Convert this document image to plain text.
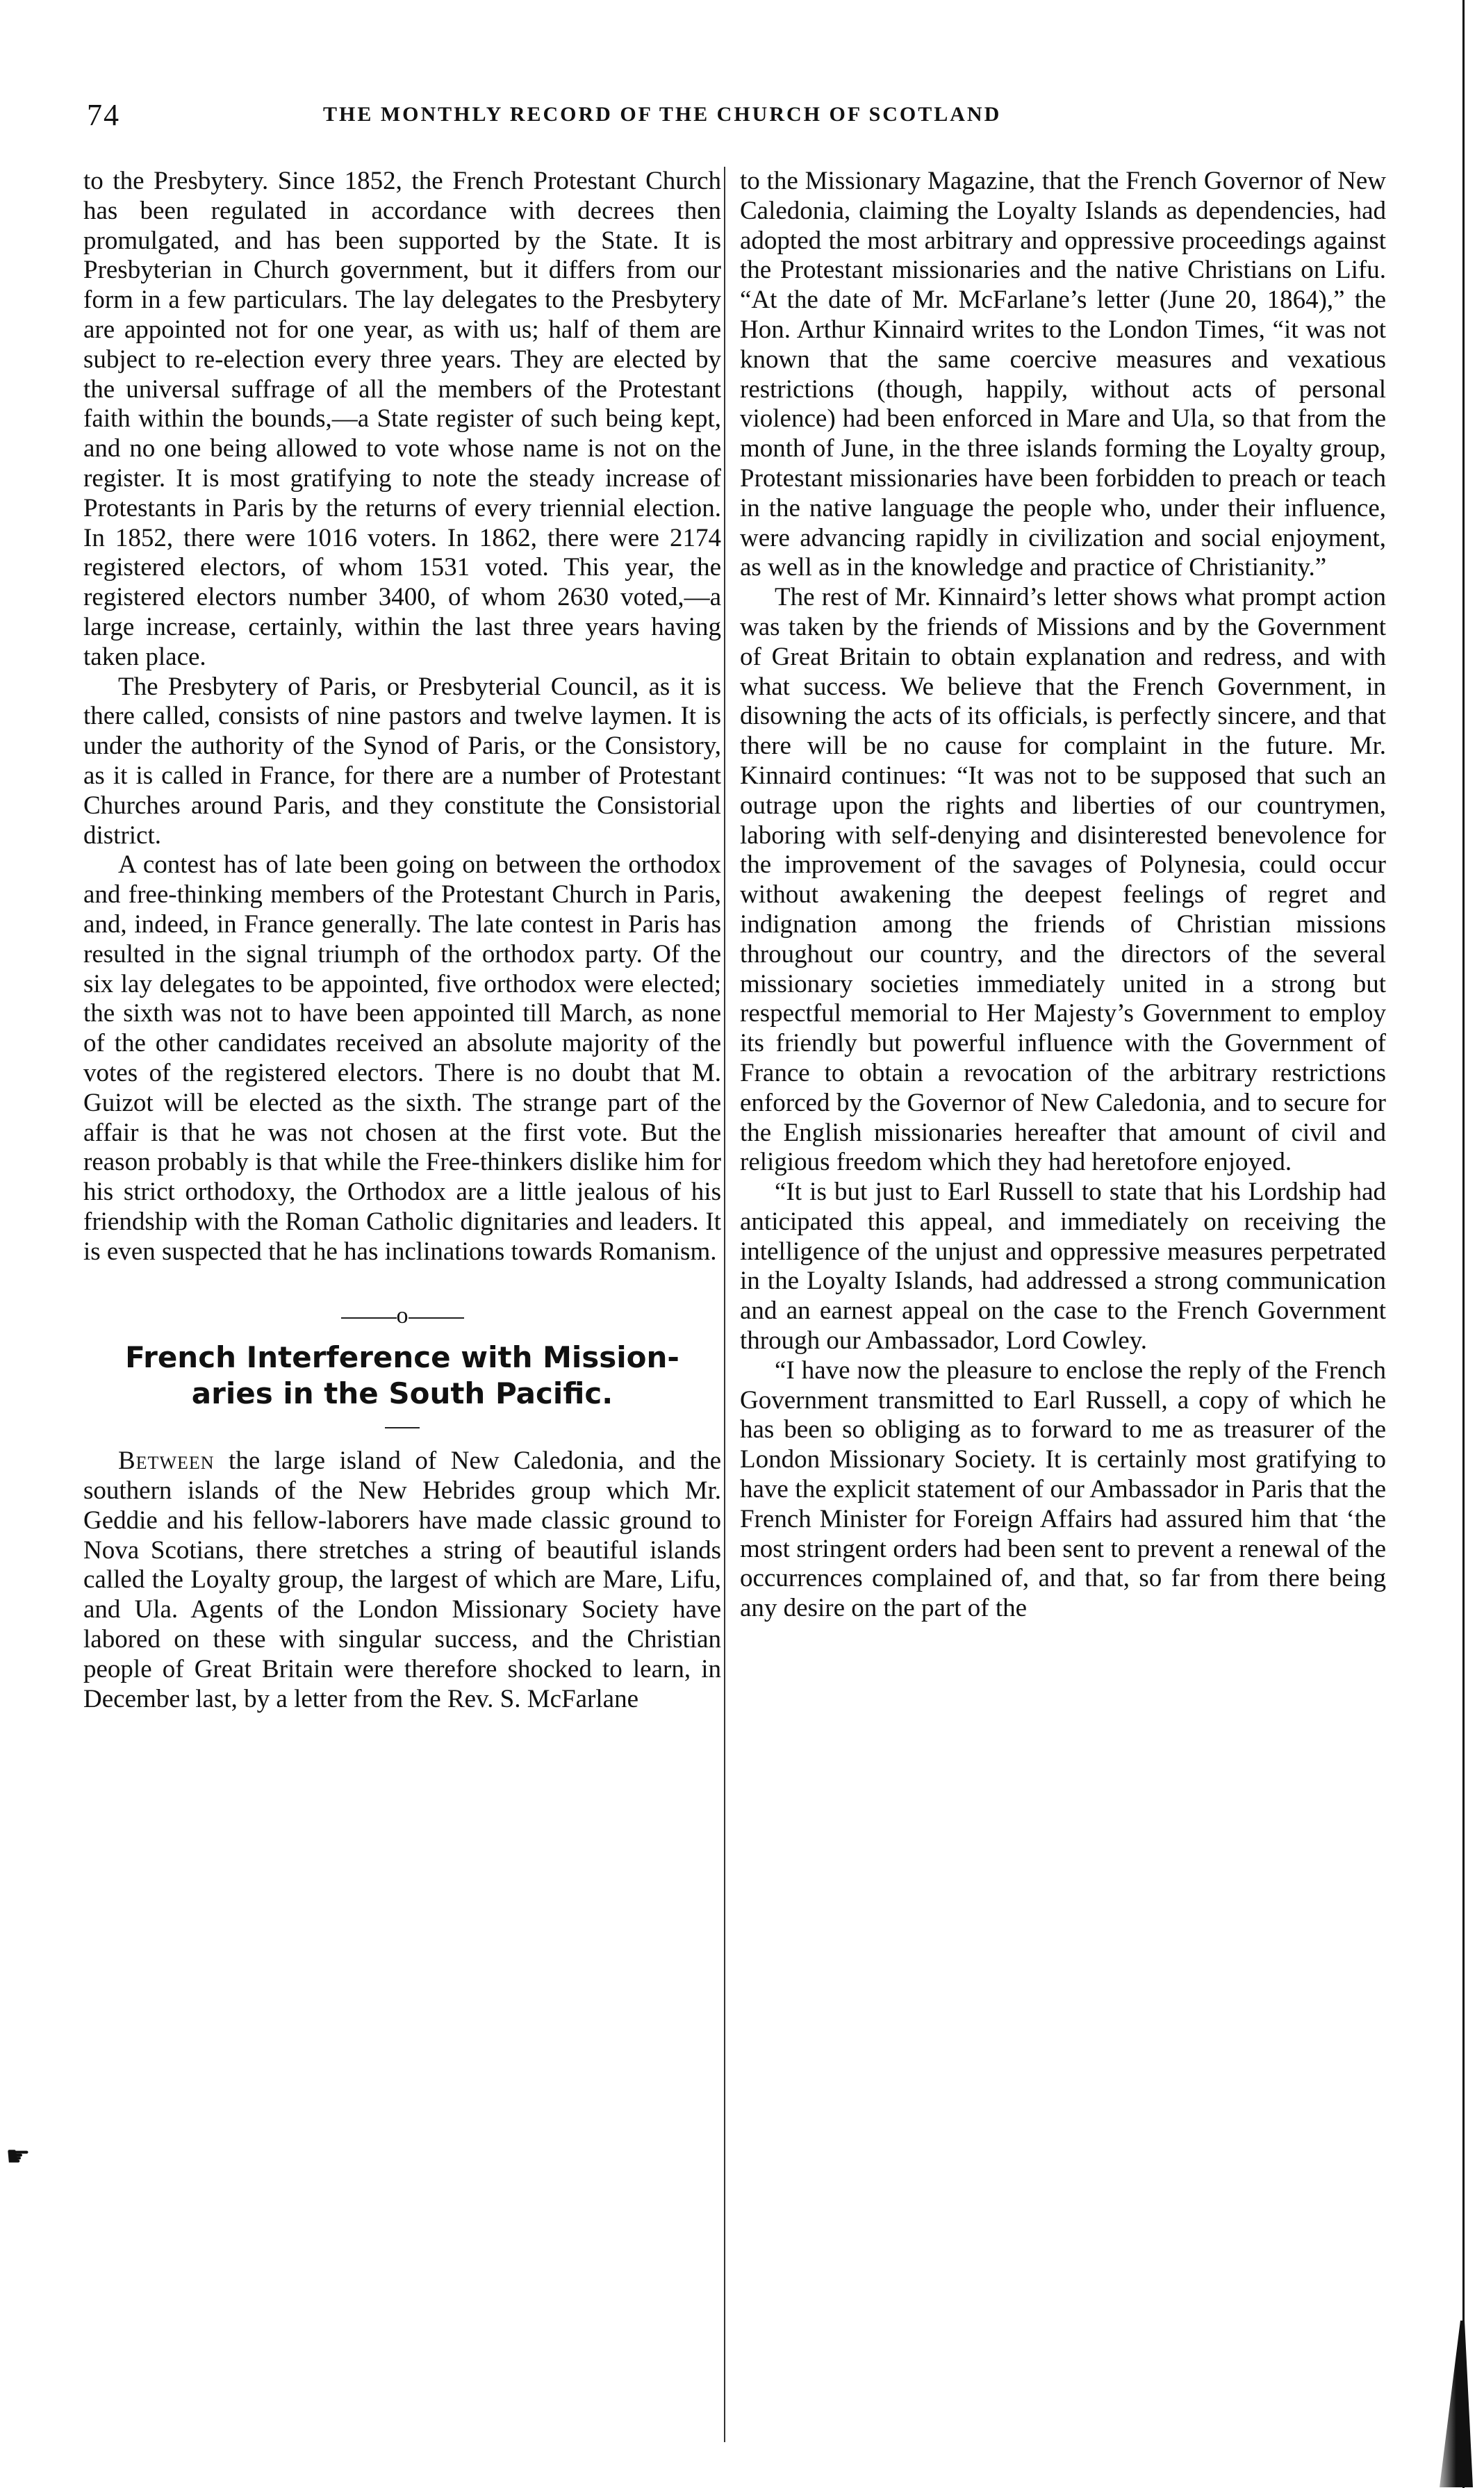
74	THE MONTHLY RECORD OF THE CHURCH OF SCOTLAND

to the Presbytery. Since 1852, the French Protestant Church has been regulated in accordance with decrees then promulgated, and has been supported by the State. It is Presbyterian in Church government, but it differs from our form in a few particulars. The lay delegates to the Presbytery are appointed not for one year, as with us; half of them are subject to re-election every three years. They are elected by the universal suffrage of all the members of the Protestant faith within the bounds,—a State register of such being kept, and no one being allowed to vote whose name is not on the register. It is most gratifying to note the steady increase of Protestants in Paris by the returns of every triennial election. In 1852, there were 1016 voters. In 1862, there were 2174 registered electors, of whom 1531 voted. This year, the registered electors number 3400, of whom 2630 voted,—a large increase, certainly, within the last three years having taken place.

The Presbytery of Paris, or Presbyterial Council, as it is there called, consists of nine pastors and twelve laymen. It is under the authority of the Synod of Paris, or the Consistory, as it is called in France, for there are a number of Protestant Churches around Paris, and they constitute the Consistorial district.

A contest has of late been going on between the orthodox and free-thinking members of the Protestant Church in Paris, and, indeed, in France generally. The late contest in Paris has resulted in the signal triumph of the orthodox party. Of the six lay delegates to be appointed, five orthodox were elected; the sixth was not to have been appointed till March, as none of the other candidates received an absolute majority of the votes of the registered electors. There is no doubt that M. Guizot will be elected as the sixth. The strange part of the affair is that he was not chosen at the first vote. But the reason probably is that while the Free-thinkers dislike him for his strict orthodoxy, the Orthodox are a little jealous of his friendship with the Roman Catholic dignitaries and leaders. It is even suspected that he has inclinations towards Romanism.

o
French Interference with Mission-
aries in the South Pacific.

Between the large island of New Caledonia, and the southern islands of the New Hebrides group which Mr. Geddie and his fellow-laborers have made classic ground to Nova Scotians, there stretches a string of beautiful islands called the Loyalty group, the largest of which are Mare, Lifu, and Ula. Agents of the London Missionary Society have labored on these with singular success, and the Christian people of Great Britain were therefore shocked to learn, in December last, by a letter from the Rev. S. McFarlane

to the Missionary Magazine, that the French Governor of New Caledonia, claiming the Loyalty Islands as dependencies, had adopted the most arbitrary and oppressive proceedings against the Protestant missionaries and the native Christians on Lifu. “At the date of Mr. McFarlane’s letter (June 20, 1864),” the Hon. Arthur Kinnaird writes to the London Times, “it was not known that the same coercive measures and vexatious restrictions (though, happily, without acts of personal violence) had been enforced in Mare and Ula, so that from the month of June, in the three islands forming the Loyalty group, Protestant missionaries have been forbidden to preach or teach in the native language the people who, under their influence, were advancing rapidly in civilization and social enjoyment, as well as in the knowledge and practice of Christianity.”

The rest of Mr. Kinnaird’s letter shows what prompt action was taken by the friends of Missions and by the Government of Great Britain to obtain explanation and redress, and with what success. We believe that the French Government, in disowning the acts of its officials, is perfectly sincere, and that there will be no cause for complaint in the future. Mr. Kinnaird continues: “It was not to be supposed that such an outrage upon the rights and liberties of our countrymen, laboring with self-denying and disinterested benevolence for the improvement of the savages of Polynesia, could occur without awakening the deepest feelings of regret and indignation among the friends of Christian missions throughout our country, and the directors of the several missionary societies immediately united in a strong but respectful memorial to Her Majesty’s Government to employ its friendly but powerful influence with the Government of France to obtain a revocation of the arbitrary restrictions enforced by the Governor of New Caledonia, and to secure for the English missionaries hereafter that amount of civil and religious freedom which they had heretofore enjoyed.

“It is but just to Earl Russell to state that his Lordship had anticipated this appeal, and immediately on receiving the intelligence of the unjust and oppressive measures perpetrated in the Loyalty Islands, had addressed a strong communication and an earnest appeal on the case to the French Government through our Ambassador, Lord Cowley.

“I have now the pleasure to enclose the reply of the French Government transmitted to Earl Russell, a copy of which he has been so obliging as to forward to me as treasurer of the London Missionary Society. It is certainly most gratifying to have the explicit statement of our Ambassador in Paris that the French Minister for Foreign Affairs had assured him that ‘the most stringent orders had been sent to prevent a renewal of the occurrences complained of, and that, so far from there being any desire on the part of the

☛
